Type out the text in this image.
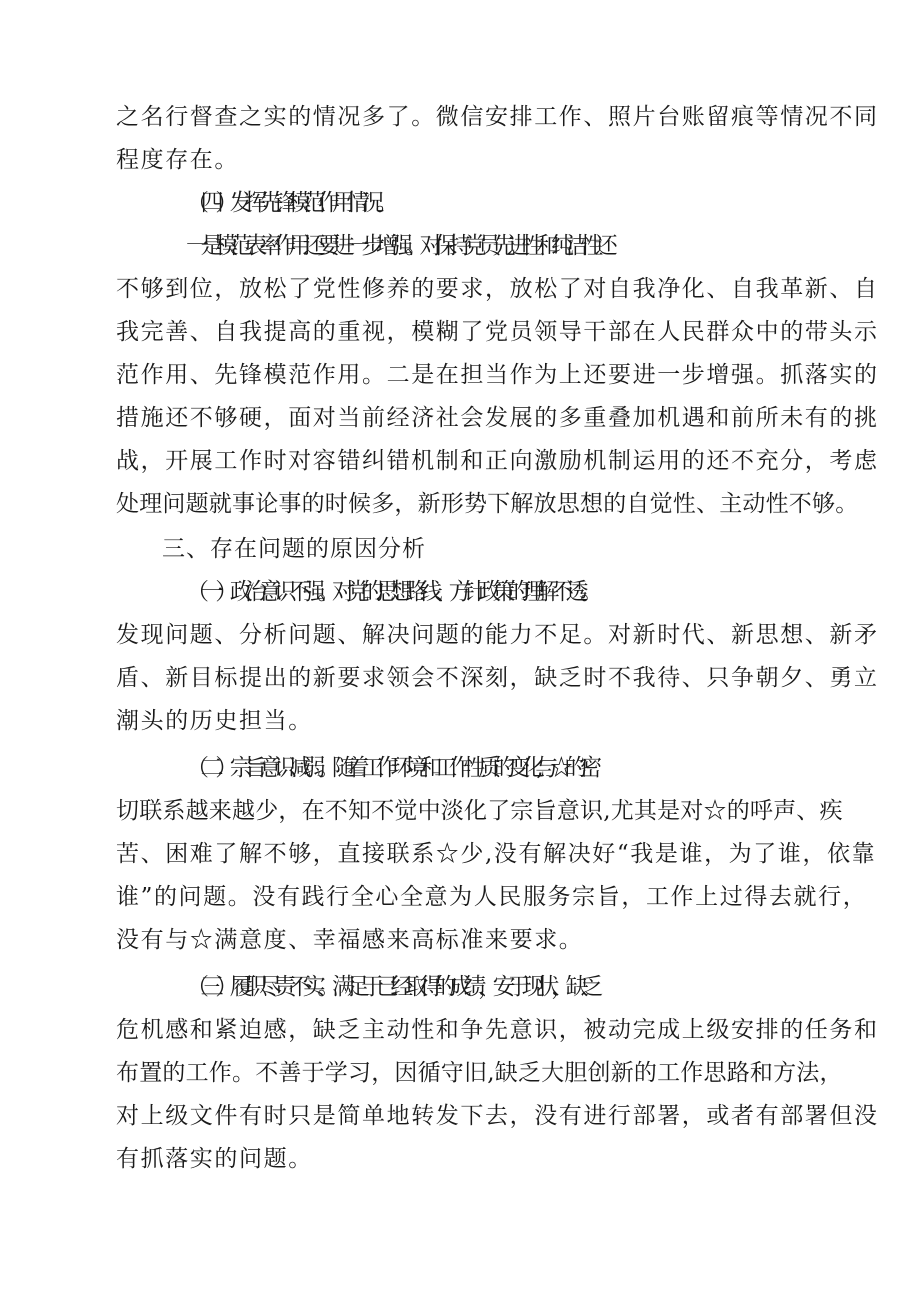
之名行督查之实的情况多了。微信安排工作、照片台账留痕等情况不同
程度存在。
（四）发挥先锋模范作用情况。
一是模范表率作用还要进一步增强。对保持党员先进性和纯洁性还
不够到位，放松了党性修养的要求，放松了对自我净化、自我革新、自
我完善、自我提高的重视，模糊了党员领导干部在人民群众中的带头示
范作用、先锋模范作用。二是在担当作为上还要进一步增强。抓落实的
措施还不够硬，面对当前经济社会发展的多重叠加机遇和前所未有的挑
战，开展工作时对容错纠错机制和正向激励机制运用的还不充分，考虑
处理问题就事论事的时候多，新形势下解放思想的自觉性、主动性不够。
三、存在问题的原因分析
（一）政治意识不强。对党的思想路线、方针政策的理解不透。
发现问题、分析问题、解决问题的能力不足。对新时代、新思想、新矛
盾、新目标提出的新要求领会不深刻，缺乏时不我待、只争朝夕、勇立
潮头的历史担当。
（二）宗旨意识减弱。随着工作环境和工作性质的变化,与☆的密
切联系越来越少，在不知不觉中淡化了宗旨意识,尤其是对☆的呼声、疾
苦、困难了解不够，直接联系☆少,没有解决好“我是谁，为了谁，依靠
谁”的问题。没有践行全心全意为人民服务宗旨，工作上过得去就行，
没有与☆满意度、幸福感来高标准来要求。
（三）履职尽责不实。满足于已经取得的成绩，安于现状，缺乏
危机感和紧迫感，缺乏主动性和争先意识，被动完成上级安排的任务和
布置的工作。不善于学习，因循守旧,缺乏大胆创新的工作思路和方法，
对上级文件有时只是简单地转发下去，没有进行部署，或者有部署但没
有抓落实的问题。
